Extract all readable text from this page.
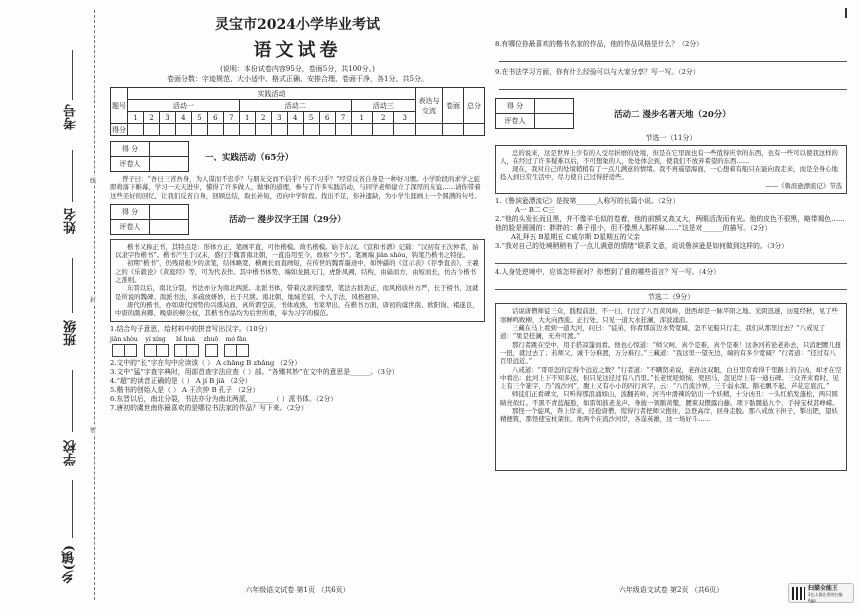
考号
姓名
班级
学校
乡(镇)
线
封
密
灵宝市2024小学毕业考试
语文试卷
(说明：本份试卷内容95分，卷面5分，共100分。)
卷面分数：字迹规范、大小适中、格式正确、安排合理、卷面干净，各1分。共5分。
题号	实践活动																	表达与交流	卷面	总分
	活动一							活动二							活动三					
	1	2	3	4	5	6	7	1	2	3	4	5	6	7	1	2	3			
得分																				
得 分	
评卷人	
一、实践活动（65分）

曾子曰：“吾日三省吾身，为人谋而不忠乎？与朋友交而不信乎？传不习乎？”经常反省自身是一种好习惯。小学阶段的求学之旅即将落下帷幕，学习一天天进步，懂得了许多做人、做事的道理，参与了许多实践活动，与同学老师建立了深厚的友谊……请你带着这些美好的回忆，让我们反省自身，回顾总结，取长补短，迈向中学阶段。找出不足，你补遗缺，为小学生涯画上一个圆满的句号。

得 分	
评卷人	
活动一 漫步汉字王国（29分）

楷书又称正书，其特点是：形体方正，笔画平直，可作楷模。故名楷模。始于东汉。《宣和书谱》记载：“汉初有王次仲者，始以隶字作楷书”。楷书产生于汉末，盛行于魏晋南北朝，一直沿用至今，故称“今书”。笔画端 jiān shòu，钩笔乃楷书之特征。

初期“楷书”，仍残留极少的隶笔，结体略宽，横画长而直画短，在传世的魏晋墨迹中，如钟繇的《宣示表》《荐季直表》，王羲之的《乐毅论》《黄庭经》等，可为代表作。其中楷书体势，端如龙跳天门，虎卧凤阙，结构，由扁而方，由短而长，仿古今楷书之准则。

东晋以后，南北分裂，书法亦分为南北两派。北派书体，带着汉隶的遗型，笔法古拙劲正，而风格质朴方严，长于榜书，这就是所说的魏碑。南派书法，多疏放妍妙，长于尺牍。南北朝，地域差别，个人手法，风格迥异。

唐代的楷书，亦如唐代国势的兴盛局面，真所谓空前，书体成熟，书家辈出，在楷书方面，唐初的虞世南、欧阳询、褚遂良，中唐的颜真卿、晚唐的柳公权，其楷书作品均为后世所重，奉为习字的模范。

1.结合句子意思，给材料中的拼音写出汉字。（10分）

jiān shòu yí xíng bǐ huà zhuō mó fàn

2.文中的“长”字在句中应读该（ ） A chāng B zhǎng （2分）

3.文中“猛”字查字典时，用部首查字法应查（ ）部。“各臻其妙”在文中的意思是______。（3分）

4.“超”的读音正确的是（ ） A jí B jiā （2分）

5.楷书的创始人是（ ） A 王次仲 B 孔子 （2分）

6.东晋以后，南北分裂，书法亦分为南北两派，______（ ）派书体。（2分）

7.唐初的虞世南你最喜欢的是哪位书法家的作品？写下来。（2分）

六年级语文试卷 第1页 （共6页）

8.有哪位你最喜欢的楷书名家的作品，他的作品风格是什么？（2分）

9.在书法学习方面，你有什么经验可以与大家分享？写一写。（2分）

得 分	
评卷人	
活动二 漫步名著天地（20分）
节选一（11分）

总的说来，这是世界上少有的人受尽折磨的处境，但是在它里面也有一些值得庆幸的东西，也有一些可以使我这样的人，在经过了许多疑难以后，不可想象的人，处处体会到，使我们不放弃希望的东西……

现在，我对自己的处境稍稍有了一点儿满意的情绪。我不再遥望海面，一心想着有船只在能向我走来，而是全身心地投入到日常生活中，尽力使自己过得舒适些。

——《鲁滨逊漂流记》节选

1.《鲁滨逊漂流记》是按第______人称写的长篇小说。（2分）

A一 B二 C三

2.“他的头发长而且黑，并不像羊毛似的卷着，他的前额又高又大，两眼活泼而有光。他的皮色不很黑，略带褐色……他的脸是圆圆的：胖胖的：鼻子很小，但不像黑人那样扁……”这是对______的描写。（2分）

A礼拜五 B星期五 C威尔斯 D星期五的父亲

3.“我对自己的处境稍稍有了一点儿满意的情绪”联系文意，说说鲁滨逊是如何做到这样的。（3分）

4.人身处逆境中，应该怎样面对？你想到了谁的哪些语言？写一写。（4分）

节选二（9分）

话说唐僧师徒三众，践程前进，不一日，行过了八百黄风岭，进西却是一脉平阳之地。光阴迅速，历夏经秋，见了些寒蝉鸣败柳，大火向西流。正行处，只见一道大水狂澜，浑波涌浪。

三藏在马上看到一道大河，问曰：“徒弟，你看那前边水势宽阔，怎不见船只行走，我们从那里过去？”八戒见了道：“果是狂澜，无舟可渡。”

那行者跳在空中，用手搭凉篷而看。他也心惊道：“师父呵，真个是难，真个是难！这条河若论老孙去，只消把腰儿扭一扭，就过去了；若师父，诚千分难渡，万分难行。”三藏道：“我这里一望无边，端的有多少宽阔？”行者道：“径过有八百里远近。”

八戒道：“哥哥怎的定得个远近之数？”行者道：“不瞒贤弟说，老孙这双眼，白日里常看得千里路上的吉凶，却才在空中看出：此河上下不知多远，但只见这径过有八百里。”长老忧嗟烦恼，兜回马，忽见岸上有一通石碑。三众齐来看时，见上有三个篆字，乃“流沙河”，腹上又有小小的四行真字，云：“八百流沙界，三千弱水深。鹅毛飘不起，芦花定底沉。”

师徒们正看碑文，只听得那浪涌如山，波翻若岭，河当中滑辣的钻出一个妖精，十分凶丑：一头红焰发蓬松，两只圆睛亮似灯。不黑不青蓝靛脸，如雷如鼓老龙声。身披一领鹅黄氅，腰束双攒露白藤。项下骷髅悬九个，手持宝杖甚峥嵘。

那怪一个旋风，奔上岸来，径抢唐僧，慌得行者把师父抱住，急登高岸，回身走脱。那八戒放下担子，掣出钯，望妖精便筑，那怪使宝杖架住。他两个在流沙河岸，各逞英雄，这一场好斗……

六年级语文试卷 第2页 （共6页）	扫描全能王
3亿人都在用的扫描App
